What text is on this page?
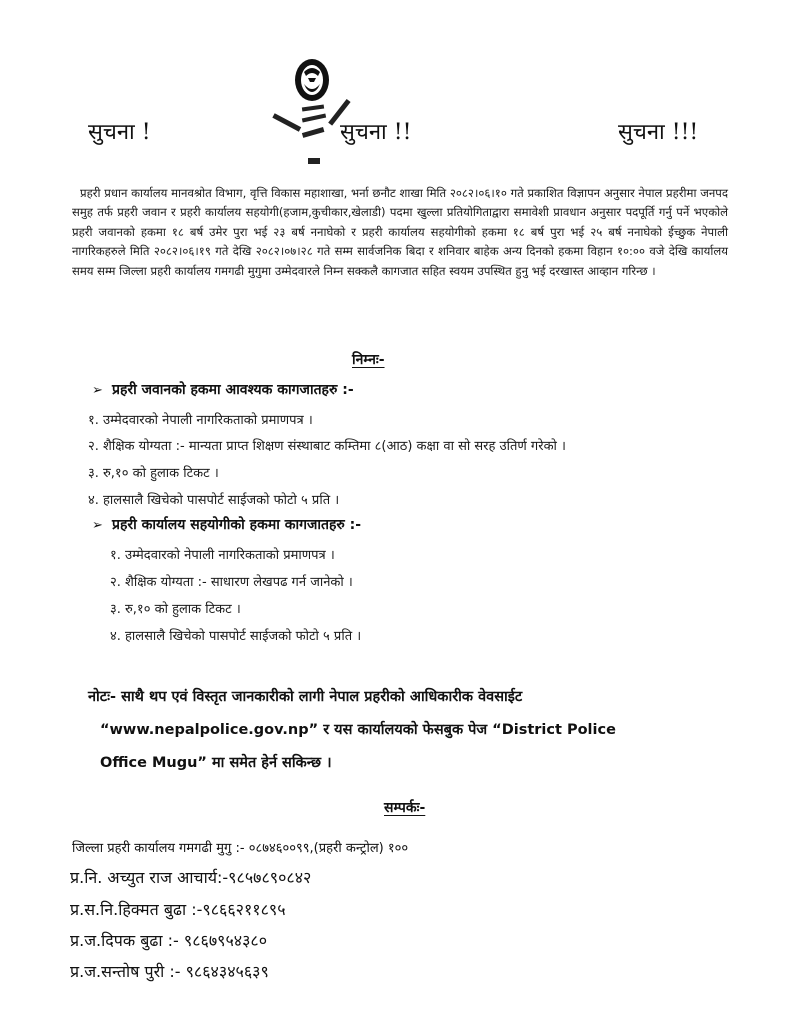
सुचना !	सुचना !!	सुचना !!!
प्रहरी प्रधान कार्यालय मानवश्रोत विभाग, वृत्ति विकास महाशाखा, भर्ना छनौट शाखा मिति २०८२।०६।१० गते प्रकाशित विज्ञापन अनुसार नेपाल प्रहरीमा जनपद समुह तर्फ प्रहरी जवान र प्रहरी कार्यालय सहयोगी(हजाम,कुचीकार,खेलाडी) पदमा खुल्ला प्रतियोगिताद्वारा समावेशी प्रावधान अनुसार पदपूर्ति गर्नु पर्ने भएकोले प्रहरी जवानको हकमा १८ बर्ष उमेर पुरा भई २३ बर्ष ननाघेको र प्रहरी कार्यालय सहयोगीको हकमा १८ बर्ष पुरा भई २५ बर्ष ननाघेको ईच्छुक नेपाली नागरिकहरुले मिति २०८२।०६।१९ गते देखि २०८२।०७।२८ गते सम्म सार्वजनिक बिदा र शनिवार बाहेक अन्य दिनको हकमा विहान १०:०० वजे देखि कार्यालय समय सम्म जिल्ला प्रहरी कार्यालय गमगढी मुगुमा उम्मेदवारले निम्न सक्कलै कागजात सहित स्वयम उपस्थित हुनु भई दरखास्त आव्हान गरिन्छ ।
निम्नः-
➢ प्रहरी जवानको हकमा आवश्यक कागजातहरु :-
१. उम्मेदवारको नेपाली नागरिकताको प्रमाणपत्र ।
२. शैक्षिक योग्यता :- मान्यता प्राप्त शिक्षण संस्थाबाट कम्तिमा ८(आठ) कक्षा वा सो सरह उतिर्ण गरेको ।
३. रु,१० को हुलाक टिकट ।
४. हालसालै खिचेको पासपोर्ट साईजको फोटो ५ प्रति ।
➢ प्रहरी कार्यालय सहयोगीको हकमा कागजातहरु :-
१. उम्मेदवारको नेपाली नागरिकताको प्रमाणपत्र ।
२. शैक्षिक योग्यता :- साधारण लेखपढ गर्न जानेको ।
३. रु,१० को हुलाक टिकट ।
४. हालसालै खिचेको पासपोर्ट साईजको फोटो ५ प्रति ।
नोटः- साथै थप एवं विस्तृत जानकारीको लागी नेपाल प्रहरीको आधिकारीक वेवसाईट
“www.nepalpolice.gov.np” र यस कार्यालयको फेसबुक पेज “District Police
Office Mugu” मा समेत हेर्न सकिन्छ ।
सम्पर्कः-
जिल्ला प्रहरी कार्यालय गमगढी मुगु :- ०८७४६००९९,(प्रहरी कन्ट्रोल) १००
प्र.नि. अच्युत राज आचार्य:-९८५७८९०८४२
प्र.स.नि.हिक्मत बुढा :-९८६६२११८९५
प्र.ज.दिपक बुढा :- ९८६७९५४३८०
प्र.ज.सन्तोष पुरी :- ९८६४३४५६३९
